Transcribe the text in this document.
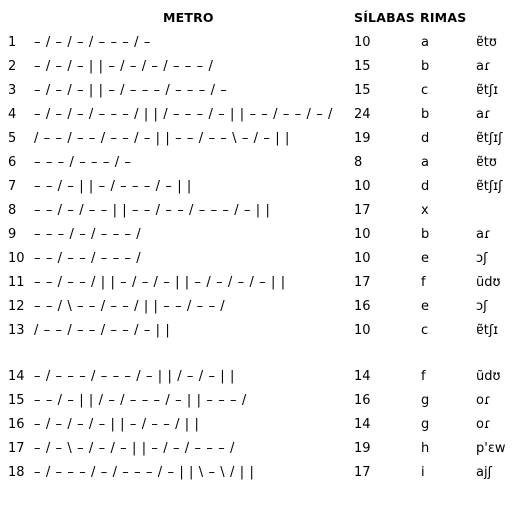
METRO	SÍLABAS RIMAS
1 – / – / – / – – – / –	10	a	ɐ̃tʊ
2 – / – / – | | – / – / – / – – – /	15	b	aɾ
3 – / – / – | | – / – – – / – – – / –	15	c	ɐ̃tʃɪ
4 – / – / – / – – – / | | / – – – / – | | – – / – – / – / 24	b	aɾ
5 / – – / – – / – – / – | | – – / – – \ – / – | |	19	d	ɐ̃tʃɪʃ
6 – – – / – – – / –	8	a	ɐ̃tʊ
7 – – / – | | – / – – – / – | |	10	d	ɐ̃tʃɪʃ
8 – – / – / – – | | – – / – – / – – – / – | |	17	x
9 – – – / – / – – – /	10	b	aɾ
10 – – / – – / – – – /	10	e	ɔʃ
11 – – / – – / | | – / – / – | | – / – / – / – | |	17	f	ũdʊ
12 – – / \ – – / – – / | | – – / – – /	16	e	ɔʃ
13 / – – / – – / – – / – | |	10	c	ɐ̃tʃɪ
14 – / – – – / – – – / – | | / – / – | |	14	f	ũdʊ
15 – – / – | | / – / – – – / – | | – – – /	16	g	oɾ
16 – / – / – / – | | – / – – / | |	14	g	oɾ
17 – / – \ – / – / – | | – / – / – – – /	19	h	p'ɛw
18 – / – – – / – / – – – / – | | \ – \ / | |	17	i	ajʃ
